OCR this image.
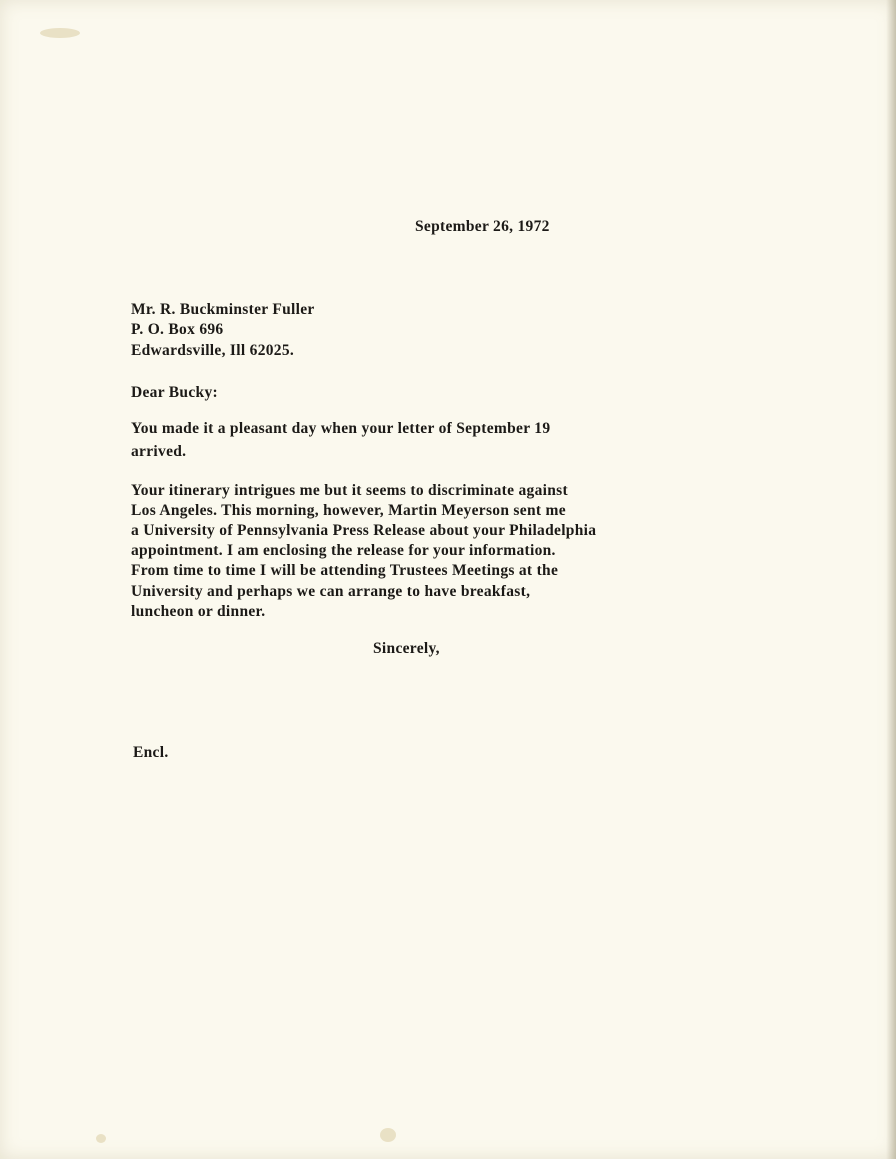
September 26, 1972
Mr. R. Buckminster Fuller
P. O. Box 696
Edwardsville, Ill 62025.
Dear Bucky:
You made it a pleasant day when your letter of September 19
arrived.
Your itinerary intrigues me but it seems to discriminate against
Los Angeles. This morning, however, Martin Meyerson sent me
a University of Pennsylvania Press Release about your Philadelphia
appointment. I am enclosing the release for your information.
From time to time I will be attending Trustees Meetings at the
University and perhaps we can arrange to have breakfast,
luncheon or dinner.
Sincerely,
Encl.
